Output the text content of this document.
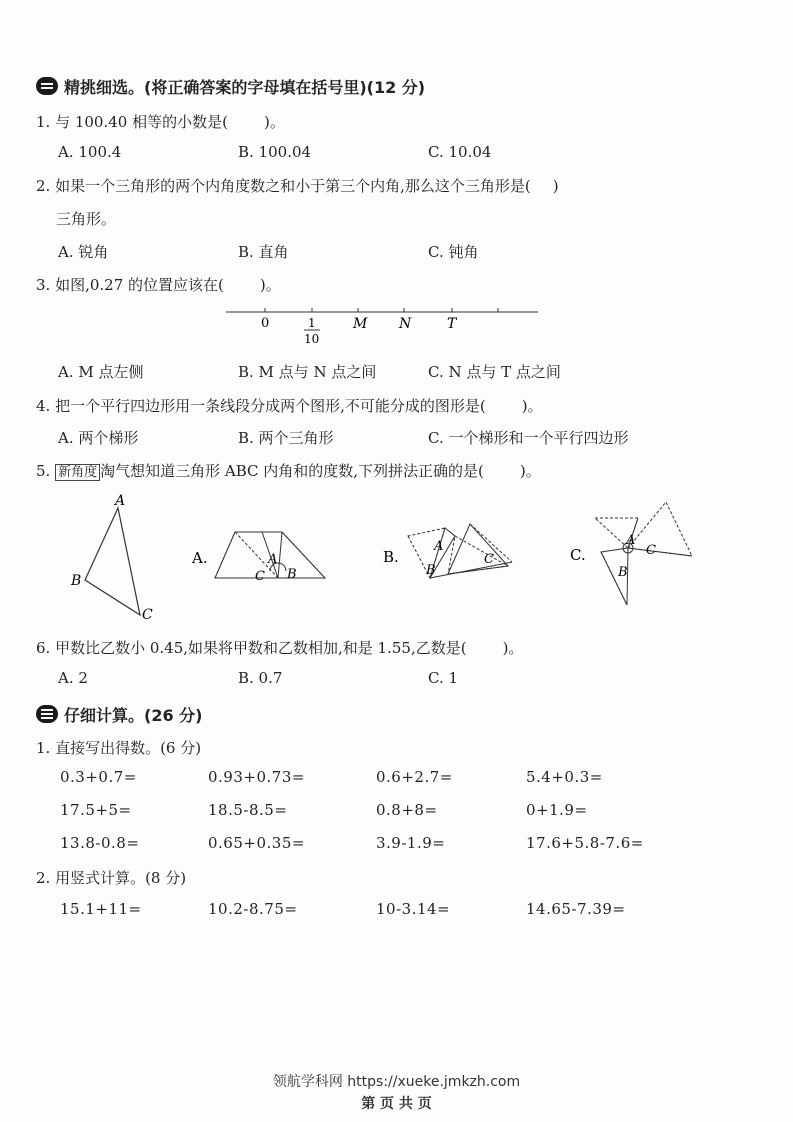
精挑细选。(将正确答案的字母填在括号里)(12 分)
1. 与 100.40 相等的小数是( )。
A. 100.4	B. 100.04	C. 10.04
2. 如果一个三角形的两个内角度数之和小于第三个内角,那么这个三角形是( )
三角形。
A. 锐角	B. 直角	C. 钝角
3. 如图,0.27 的位置应该在( )。
0	1
10
M N	T
A. M 点左侧	B. M 点与 N 点之间	C. N 点与 T 点之间
4. 把一个平行四边形用一条线段分成两个图形,不可能分成的图形是( )。
A. 两个梯形	B. 两个三角形	C. 一个梯形和一个平行四边形
5. 新角度 淘气想知道三角形 ABC 内角和的度数,下列拼法正确的是( )。
A
B
C
A.	A
C B
B.
A
B
C	C.
A
C
B
6. 甲数比乙数小 0.45,如果将甲数和乙数相加,和是 1.55,乙数是( )。
A. 2	B. 0.7	C. 1
仔细计算。(26 分)
1. 直接写出得数。(6 分)
0.3+0.7=	0.93+0.73=	0.6+2.7=	5.4+0.3=
17.5+5=	18.5-8.5=	0.8+8=	0+1.9=
13.8-0.8=	0.65+0.35=	3.9-1.9=	17.6+5.8-7.6=
2. 用竖式计算。(8 分)
15.1+11=	10.2-8.75=	10-3.14=	14.65-7.39=
领航学科网 https://xueke.jmkzh.com
第 页 共 页
